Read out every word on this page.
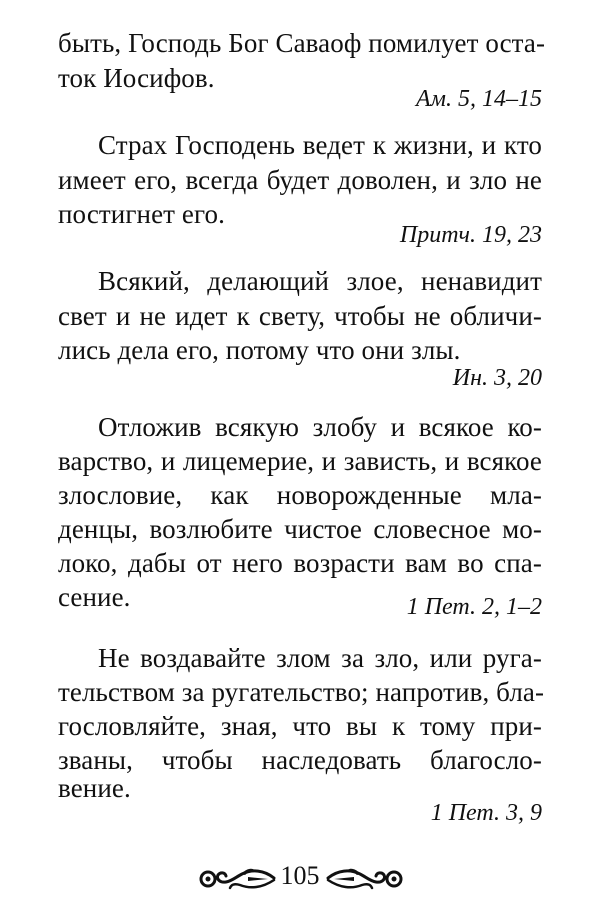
быть, Господь Бог Саваоф помилует оста-
ток Иосифов.
Ам. 5, 14–15
Страх Господень ведет к жизни, и кто
имеет его, всегда будет доволен, и зло не
постигнет его.
Притч. 19, 23
Всякий, делающий злое, ненавидит
свет и не идет к свету, чтобы не обличи-
лись дела его, потому что они злы.
Ин. 3, 20
Отложив всякую злобу и всякое ко-
варство, и лицемерие, и зависть, и всякое
злословие, как новорожденные мла-
денцы, возлюбите чистое словесное мо-
локо, дабы от него возрасти вам во спа-
сение.	1 Пет. 2, 1–2
Не воздавайте злом за зло, или руга-
тельством за ругательство; напротив, бла-
гословляйте, зная, что вы к тому при-
званы, чтобы наследовать благосло-
вение.
1 Пет. 3, 9
105
